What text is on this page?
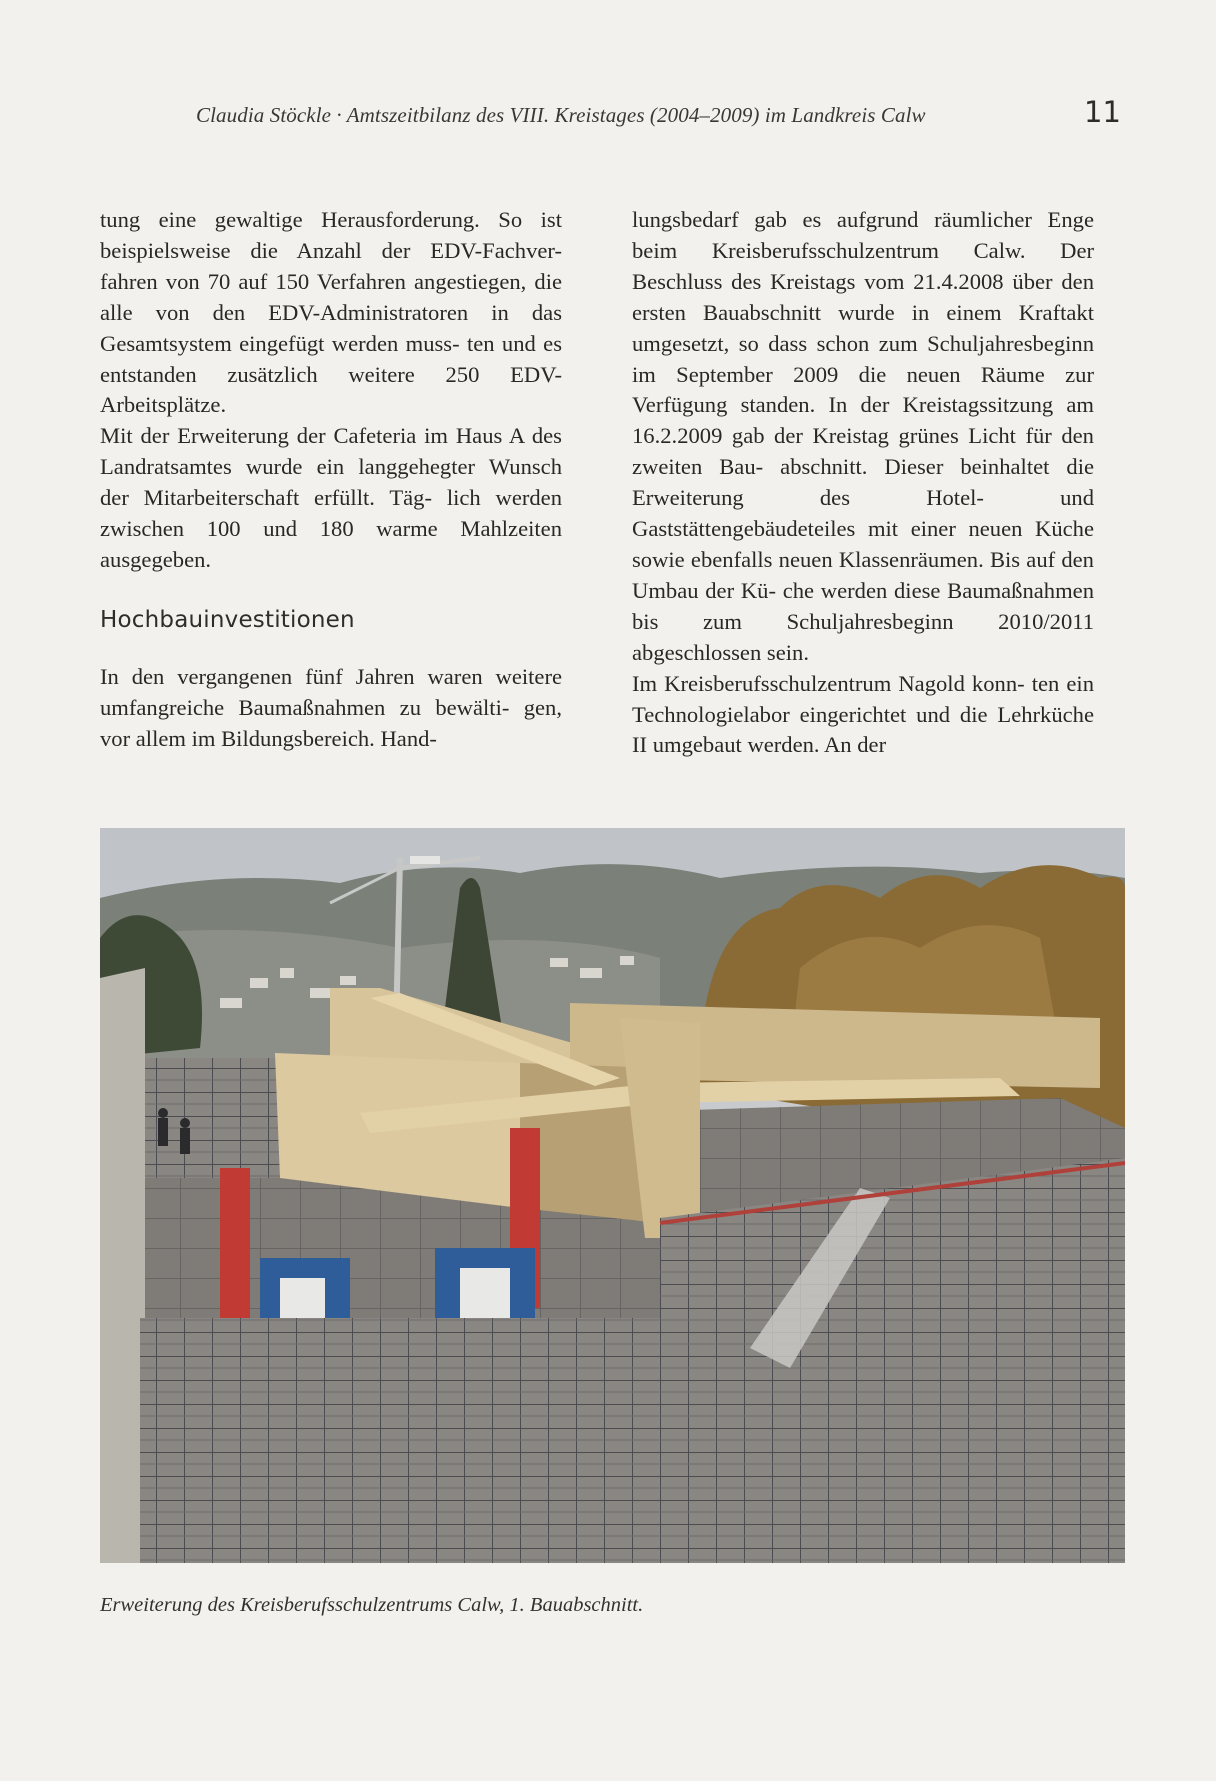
Claudia Stöckle · Amtszeitbilanz des VIII. Kreistages (2004–2009) im Landkreis Calw	11

tung eine gewaltige Herausforderung. So ist beispielsweise die Anzahl der EDV-Fachver- fahren von 70 auf 150 Verfahren angestiegen, die alle von den EDV-Administratoren in das Gesamtsystem eingefügt werden muss- ten und es entstanden zusätzlich weitere 250 EDV-Arbeitsplätze.

Mit der Erweiterung der Cafeteria im Haus A des Landratsamtes wurde ein langgehegter Wunsch der Mitarbeiterschaft erfüllt. Täg- lich werden zwischen 100 und 180 warme Mahlzeiten ausgegeben.

Hochbauinvestitionen

In den vergangenen fünf Jahren waren weitere umfangreiche Baumaßnahmen zu bewälti- gen, vor allem im Bildungsbereich. Hand-

lungsbedarf gab es aufgrund räumlicher Enge beim Kreisberufsschulzentrum Calw. Der Beschluss des Kreistags vom 21.4.2008 über den ersten Bauabschnitt wurde in einem Kraftakt umgesetzt, so dass schon zum Schuljahresbeginn im September 2009 die neuen Räume zur Verfügung standen. In der Kreistagssitzung am 16.2.2009 gab der Kreistag grünes Licht für den zweiten Bau- abschnitt. Dieser beinhaltet die Erweiterung	des Hotel- und Gaststättengebäudeteiles mit einer neuen Küche sowie ebenfalls neuen Klassenräumen. Bis auf den Umbau der Kü- che werden diese Baumaßnahmen bis zum Schuljahresbeginn 2010/2011 abgeschlossen sein.

Im Kreisberufsschulzentrum Nagold konn- ten ein Technologielabor eingerichtet und die Lehrküche II umgebaut werden. An der

Erweiterung des Kreisberufsschulzentrums Calw, 1. Bauabschnitt.
